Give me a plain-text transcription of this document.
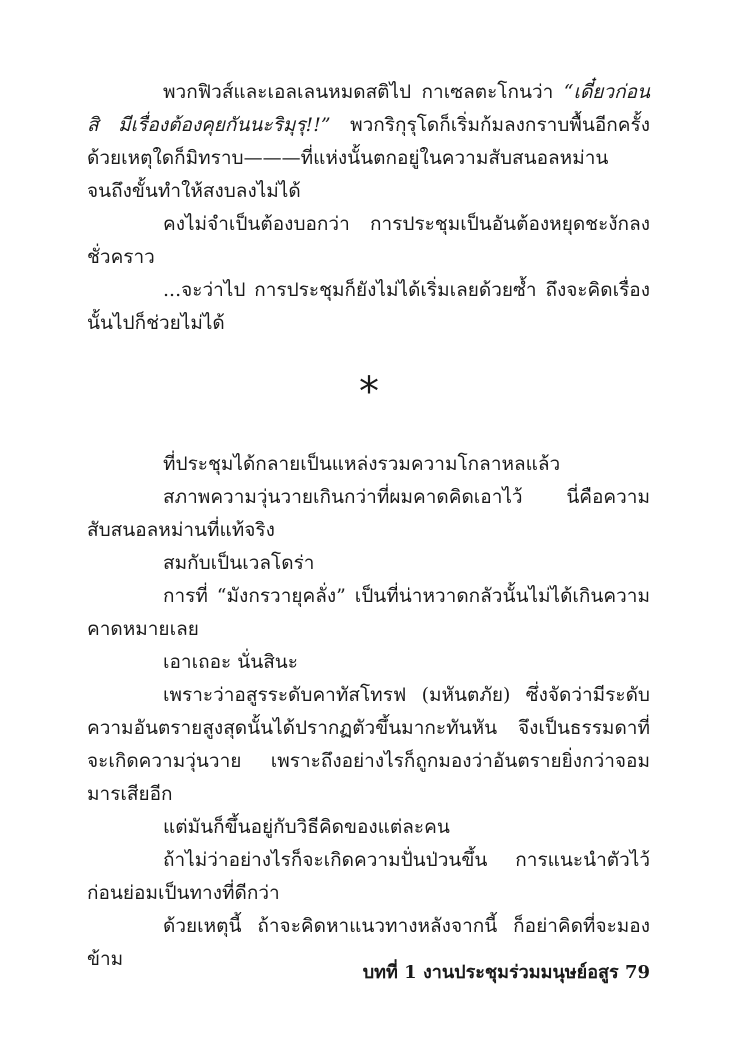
พวกฟิวส์และเอลเลนหมดสติไป กาเซลตะโกนว่า “เดี๋ยวก่อนสิ มีเรื่องต้องคุยกันนะริมุรุ!!” พวกริกุรุโดก็เริ่มก้มลงกราบพื้นอีกครั้งด้วยเหตุใดก็มิทราบ———ที่แห่งนั้นตกอยู่ในความสับสนอลหม่าน จนถึงขั้นทำให้สงบลงไม่ได้
คงไม่จำเป็นต้องบอกว่า การประชุมเป็นอันต้องหยุดชะงักลงชั่วคราว
...จะว่าไป การประชุมก็ยังไม่ได้เริ่มเลยด้วยซ้ำ ถึงจะคิดเรื่องนั้นไปก็ช่วยไม่ได้
*
ที่ประชุมได้กลายเป็นแหล่งรวมความโกลาหลแล้ว
สภาพความวุ่นวายเกินกว่าที่ผมคาดคิดเอาไว้ นี่คือความสับสนอลหม่านที่แท้จริง
สมกับเป็นเวลโดร่า
การที่ “มังกรวายุคลั่ง” เป็นที่น่าหวาดกลัวนั้นไม่ได้เกินความคาดหมายเลย
เอาเถอะ นั่นสินะ
เพราะว่าอสูรระดับคาทัสโทรฟ (มหันตภัย) ซึ่งจัดว่ามีระดับความอันตรายสูงสุดนั้นได้ปรากฏตัวขึ้นมากะทันหัน จึงเป็นธรรมดาที่จะเกิดความวุ่นวาย เพราะถึงอย่างไรก็ถูกมองว่าอันตรายยิ่งกว่าจอมมารเสียอีก
แต่มันก็ขึ้นอยู่กับวิธีคิดของแต่ละคน
ถ้าไม่ว่าอย่างไรก็จะเกิดความปั่นป่วนขึ้น การแนะนำตัวไว้ก่อนย่อมเป็นทางที่ดีกว่า
ด้วยเหตุนี้ ถ้าจะคิดหาแนวทางหลังจากนี้ ก็อย่าคิดที่จะมองข้าม
บทที่ 1 งานประชุมร่วมมนุษย์อสูร 79
